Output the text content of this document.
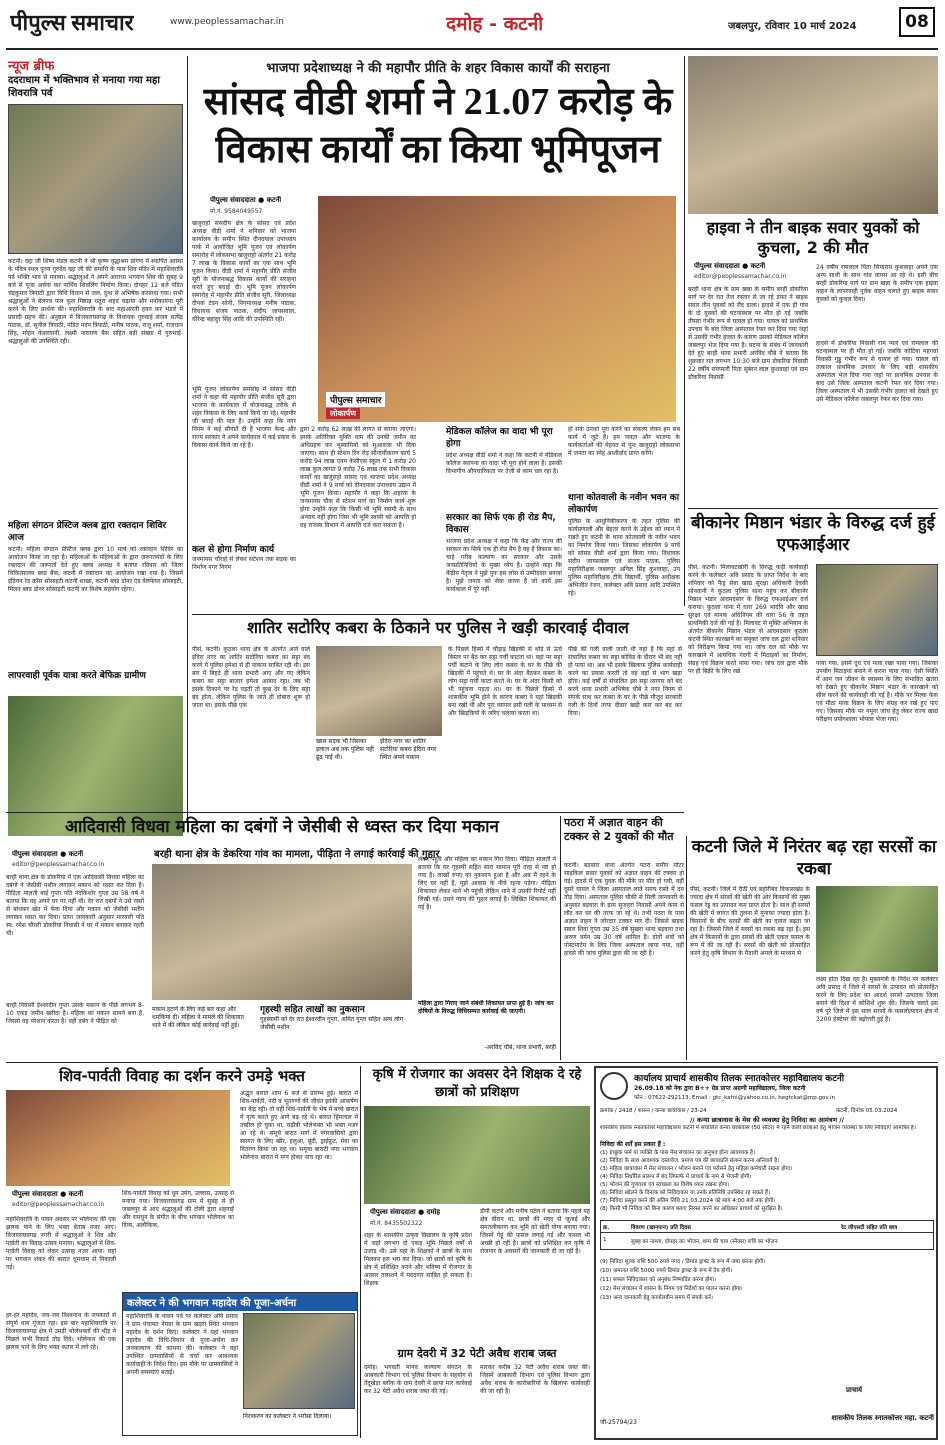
पीपुल्स समाचार	www.peoplessamachar.in	दमोह - कटनी	जबलपुर, रविवार 10 मार्च 2024	08
न्यूज ब्रीफ
ददराधाम में भक्तिभाव से मनाया गया महा शिवरात्रि पर्व
कटनी। दद्दा जी शिष्य मंडल कटनी ने श्री कृष्ण वृद्धाश्रम प्रांगण में स्थापित आस्था के पवित्र स्थल पूज्य गुरुदेव दद्दा जी की समाधि के पास शिव मंदिर में महाशिवरात्रि पर्व भक्ति भाव से मनाया। श्रद्धालुओं ने अपने आराध्य भगवान शिव की सुबह 9 बजे से पूजा अर्चना कर पार्थिव शिवलिंग निर्माण किया। दोपहर 12 बजे पंडित चंद्रकुमार त्रिपाठी द्वारा विधि विधान से जल, दुग्ध से अभिषेक करवाया गया। सभी श्रद्धालुओं ने बेलपत्र फल फूल मिष्ठान्न धतूरा शहद चढ़ाया और मनोकामना पूरी करने के लिए प्रार्थना की। महाशिवरात्रि के बाद महाआरती हवन कर भंडारे में प्रसादी ग्रहण की। अनुष्ठान में विजयराघवगढ़ के विधायक गुरुवाई संजय सत्येंद्र पाठक, डॉ. सुनील त्रिपाठी, पंडित मदन त्रिपाठी, मनीष पाठक, राजू शर्मा, राजधान सिंह, मोहन केसरवानी, लक्ष्मी नारायण बैस सहित बड़ी संख्या में गुरुभाई-श्रद्धालुओं की उपस्थिति रही।
महिला संगठन प्रेस्टिज क्लब द्वारा रक्तदान शिविर आज
कटनी। महिला संगठन प्रेस्टिज क्लब द्वारा 10 मार्च को रक्तदान शिविर का आयोजन किया जा रहा है। महिलाओं के महिलाओं के द्वारा जरूरतमंदों के लिए रक्तदान की जरूरतों देते हुए क्लब अध्यक्ष ने बताया रविवार को जिला चिकित्सालय ब्लड बैंक, कटनी में रक्तदान का आयोजन रखा गया है। जिसमें इंडियन रेड क्रॉस सोसाइटी कटनी शाखा, कटनी ब्लड डोनर एंड वेलफेयर सोसाइटी, मिलन ब्लड डोनर सोसाइटी कटनी का विशेष सहयोग रहेगा।
लापरवाही पूर्वक यात्रा करते बेफिक्र ग्रामीण
भाजपा प्रदेशाध्यक्ष ने की महापौर प्रीति के शहर विकास कार्यों की सराहना
सांसद वीडी शर्मा ने 21.07 करोड़ के विकास कार्यों का किया भूमिपूजन
पीपुल्स संवाददाता ● कटनी
मो.नं. 9584049557
खजुराहो संसदीय क्षेत्र के सांसद एवं प्रदेश अध्यक्ष वीडी शर्मा ने शनिवार को भाजपा कार्यालय के समीप स्थित दीनदयाल उपाध्याय पार्क में आयोजित भूमि पूजन एवं लोकार्पण समारोह में लोकसभा खजुराहो अंतर्गत 21 करोड़ 7 लाख के विकास कार्यों का एक साथ भूमि पूजन किया। वीडी शर्मा ने महापौर प्रीति संजीव सूरी के योजनाबद्ध विकास कार्यों की सराहना करते हुए बधाई दी। भूमि पूजन लोकार्पण समारोह में महापौर प्रीति संजीव सूरी, जिलाध्यक्ष दीपक टंडन सोनी, निगमाध्यक्ष मनीष पाठक, विधायक संजय पाठक, संदीप जायसवाल, धीरेन्द्र बहादुर सिंह आदि की उपस्थिति रही।
भूमि पूजन लोकार्पण समारोह में सांसद वीडी शर्मा ने कहा की महापौर प्रीति संजीव सूरी द्वारा भाजपा के कार्यकाल में योजनाबद्ध तरीके से शहर विकास के लिए कार्य किये जा रहे। महापौर जी बधाई की पात्र है। उन्होंने कहा कि नगर निगम ने कई सौगातें दी हैं भाजपा केन्द्र और राज्य सरकार ने अपने कार्यकाल में कई प्रकार के विकास कार्य किये जा रहे है।
कल से होगा निर्माण कार्य
जनमानस चौराहे से लेकर सटेशन तक सड़क का निर्माण नगर निगम
पीपुल्स समाचार
लोकार्पण
द्वारा 2 करोड़ 62 लाख की लागत से कराया जाएगा। इसके अतिरिक्त मुक्ति धाम की उनकी जमीन का अधिग्रहण कर भूस्वामियों को मुआवजा भी दिया जाएगा। साथ ही स्टेशन रिंग रोड़ सौन्दर्यीकरण कार्य 5 करोड़ 94 लाख एवम केसीएस स्कूल में 1 करोड़ 20 लाख कुल लागत 9 करोड़ 76 लाख तक सभी विकास कार्यों का खजुराहो सांसद एवं भाजपा प्रदेश अध्यक्ष वीडी शर्मा ने 9 मार्च को दीनदयाल उपाध्याय उद्यान में भूमि पूजन किया। महापौर ने कहा कि शहरवा के जनमानस चौक से स्टेशन मार्ग का निर्माण कार्य शुरू होगा उन्होंने कहा कि किसी भी भूमि स्वामी के साथ अन्याय नहीं होगा जिस भी भूमि स्वामी को आपत्ति हो वह राजस्व विभाग में आपत्ति दर्ज करा सकता है।
मेडिकल कॉलेज का वादा भी पूरा होगा
प्रदेश अध्यक्ष वीडी शर्मा ने कहा कि कटनी में मेडिकल कॉलेज स्थापना का वादा भी पूरा होने वाला है। इसकी विभागीय औपचारिकता पर तेजी से काम चल रहा है।
सरकार का सिर्फ एक ही रोड मैप, विकास
भाजपा प्रदेश अध्यक्ष ने कहा कि केंद्र और राज्य की सरकार का सिर्फ एक ही रोड मैप है वह है विकास का। चाहे गरीब कल्याण का सरकार और उसके जनप्रतिनिधियों के मुख्य ध्येय है। उन्होंने कहा कि केंद्रीय नेतृत्व ने मुझे पुनः इस लोस से उम्मीदवार बनाया है। मुझे जनता को सेवा करना है जो कार्य इस कार्यकाल में पूरे नहीं
हो सके उनको पूरा करने का संकल्प लेकर हम सब कार्य में जुटे हैं। हम जनता और भाजपा के कार्यकर्ताओं की मेहनत से पुनः खजुराहो लोकसभा में जनता का स्नेह आशीर्वाद प्राप्त करेंगे।
थाना कोतवाली के नवीन भवन का लोकार्पण
पुलिस के आधुनिकीकरण के तहत पुलिस की कार्यप्रणाली और बेहतर करने के उद्देश्य को ध्यान में रखते हुए कटनी के थाना कोतवाली के नवीन भवन का निर्माण किया गया। जिसका लोकार्पण 9 मार्च को सांसद वीडी शर्मा द्वारा किया गया। विधायक संदीप जायसवाल एवं संजय पाठक, पुलिस महानिरीक्षक जबलपुर अनिल सिंह कुशवाहा, उप पुलिस महानिरीक्षक टीके विद्यार्थी, पुलिस अधीक्षक अभिजीत रंजन, कलेक्टर अवि प्रसाद आदि उपस्थित रहे।
हाइवा ने तीन बाइक सवार युवकों को कुचला, 2 की मौत
पीपुल्स संवाददाता ● कटनी
editor@peoplessamachar.co.in
बरही थाना क्षेत्र के ग्राम खन्ना के समीप बरही डोकरिया मार्ग पर देर रात तेज रफ्तार से जा रहे डंफर ने बाइक सवार तीन युवकों को रौंद डाला। हादसे में एक ही गांव के दो युवकों की घटनास्थल पर मौत हो गई जबकि तीसरा गंभीर रूप से घायल हो गया। घायल को प्राथमिक उपचार के बाद जिला अस्पताल रेफर कर दिया गया जहां से उसकी गंभीर हालत के कारण उसको मेडिकल कॉलेज जबलपुर भेज दिया गया है। घटना के संबंध में जानकारी देते हुए बरही थाना प्रभारी अरविंद चौबे ने बताया कि शुक्रवार रात लगभग 10:30 बजे ग्राम डोकरिया निवासी 22 वर्षीय रामप्यारी पिता सुबरन लाल कुशवाहा एवं ग्राम डोकरिया निवासी
24 वर्षीय रामलाल पिता सियाराम कुशवाहा अपने एक अन्य साथी के साथ गांव वापस आ रहे थे। इसी बीच बरही डोकरिया मार्ग पर ग्राम खन्ना के समीप एक हाइवा वाहन के लापरवाही पूर्वक वाहन चलाते हुए बाइक सवार युवकों को कुचल दिया।
हादसे में डोकरिया निवासी राम प्यारे एवं रामलाल की घटनास्थल पर ही मौत हो गई। जबकि कोटिया महगवां निवासी गुड्डू गंभीर रूप से घायल हो गया। घायल को तत्काल प्राथमिक उपचार के लिए बड़ी शासकीय अस्पताल भेज दिया गया जहां पर प्राथमिक उपचार के बाद उसे जिला अस्पताल कटनी रेफर कर दिया गया। जिला अस्पताल में भी उसकी गंभीर हालत को देखते हुए उसे मेडिकल कॉलेज जबलपुर रेफर कर दिया गया।
बीकानेर मिष्ठान भंडार के विरुद्ध दर्ज हुई एफआईआर
पीसं, कटनी। मिलावटखोरी के विरुद्ध कड़ी कार्यवाही करने के कलेक्टर अवि प्रसाद के प्राप्त निर्देश के बाद शनिवार को फैंड्र सेवा खाद्य सुरक्षा अधिकारी देवकी सोनवानी ने कुठला पुलिस थाना पहुंच कर बीकानेर मिष्ठान भंडार आदमदसार के विरुद्ध एफआईआर दर्ज कराया। कुठला थाना में धारा 269 भादंवि और खाद्य सुरक्षा एवं मानक अधिनियम की धारा 56 के तहत प्राथमिकी दर्ज की गई है। मिलावट से मुक्ति अभियान के अंतर्गत बीकानेर मिष्ठान भंडार से आदमदसार कुठला कटनी स्थित कारखाने का संयुक्त जांच दल द्वारा शनिवार को निरीक्षण किया गया था। जांच दल को मौके पर कारखाने में अत्यधिक गंदगी में मिठाइयों का निर्माण, संग्रह एवं विक्रय करते पाया गया। जांच दल द्वारा मौके पर ही बिक्री के लिए रखे
पाया गया, इसमें दूध एवं मावा रखा पाया गया। जिसका उपयोग मिठाइयां बनाने में करना पाया गया। ऐसी स्थिति में आम जन जीवन के स्वास्थ्य के लिए संभावित खतरा को देखते हुए बीकानेर मिष्ठान भंडार के कारखाने को सील करने की कार्यवाही की गई है। मौके पर मिल्क केक एवं मीठा मावा विक्रय के लिए संग्रह कर रखे हुए पाए गए। जिसका मौके पर नमूना जांच हेतु लेकर राज्य खाद्य परीक्षण प्रयोगशाला भोपाल भेजा गया।
शातिर सटोरिए कबरा के ठिकाने पर पुलिस ने खड़ी कारवाई दीवाल
पीसं, कटनी। कुठला थाना क्षेत्र के अंतर्गत आने वाले इंदिरा नगर का शातिर सटोरिया कबरा का सट्टा बंद करने में पुलिस हमेशा से ही नाकाम साबित रही थी। इस बार में बिहटे ही थाना प्रभारी आए और गए लेकिन कबरा का सट्टा बाजार हमेशा आबाद रहा। जब भी इसके ठिकाने पर रेड पड़ती तो कुछ देर के लिए सट्टा बंद होता, लेकिन पुलिस के जाते ही दोबारा शुरू हो जाता था। इसके पीछे एक
खास सड़क भी जिसका इलाज अब तक पुलिस नहीं ढूंढ पाई थी।
इंदिरा नगर का शातिर सटोरिया कबरा इंदिरा नगर स्थित अपने मकान
के पिछले हिस्से में चौड़ाड़ खिड़की से थोड़े से ऊंचे बिस्तर पर बैठ कर सट्टा पर्ची काटता था। वहां पर सट्टा पर्ची कटाने के लिए लोग कबरा के घर के पीछे की खिड़की में पहुंचते थे। घर के अंदर बैठकर कबरा के लोग सट्टा पर्ची काटा करते थे। घर के अंदर किसी को भी पहुंचना पड़ता था। घर के पिछले हिस्से में शासकीय भूमि होने के कारण कबरा ने यहां खिड़की बना रखी थी और पूरा व्यापार इसी गली के माध्यम से और खिड़कियों के जरिए चलाया करता था।
पीछे की गली वाली जाती थी यहां है कि यहां से संचालित कबरा का सट्टा कोविड के दौरान भी बंद नहीं हो पाया था। अब भी इसके खिलाफ पुलिस कार्यवाही करने का प्रयास करती तो वह वहां से भाग खड़ा होता। कई वर्षों से संचालित इस सट्टा व्यापार को बंद करने थाना प्रभारी अभिषेक चौबे ने नगर निगम से संपर्क साध कर कबरा के घर के पीछे मौजूद सरकारी गली के दिनों तरफ दीवार खड़ी करा कर बंद कर दिया।
आदिवासी विधवा महिला का दबंगों ने जेसीबी से ध्वस्त कर दिया मकान
पीपुल्स संवाददाता ● कटनी
editor@peoplessamachar.co.in
बरही थाना क्षेत्र के डेकरिया गांव का मामला, पीड़िता ने लगाई कार्रवाई की गुहार
बरही थाना क्षेत्र के डोकरिया में एक आदिवासी विधवा महिला का दबंगों ने जेसीबी मशीन लगाकर मकान को ध्वस्त कर दिया है। पीड़िता मालती बाई गुप्ता पति नंदकिशोर गुप्ता उम्र 58 वर्ष ने बताया कि वह अपने घर पर नहीं थी। देर रात दबंगों ने उसे रस्सों से बांधकर खेत में फेंक दिया और मकान को जेसीबी मशीन लगाकर ध्वस्त कर दिया। प्राप्त जानकारी अनुसार मारवारी पति स्व. रमेश चौधरी डोकरिया निवासी ने घर में मकान बनाकर रहती थी।
बरही निवासी ईश्वरदीन गुप्ता उसके मकान के पीछे लगभग 8-10 एकड़ जमीन खरीदा है। महिला का मकान सामने बना है, जिससे वह परेशान करता है। वहीं दबंग ने पीड़ित को
मकान हटाने के लिए कई बार कहा और धमकियां दी। महिला ने मामले की शिकायत थाने में की लेकिन कोई कार्रवाई नहीं हुई।
गृहस्थी सहित लाखों का नुकसान
गुहस्वामी को देर रात ईश्वरदीन गुप्ता, अमित गुप्ता सहित अन्य लोग जेसीबी मशीन
लेकर पहुंचे और महिला का मकान गिरा दिया। पीड़िता मालती ने बताया कि घर गृहस्थी सहित सारा सामान पूरी तरह से नष्ट हो गया है। लाखों रुपए का नुकसान हुआ है और अब मैं रहने के लिए घर नहीं है, मुझे आवास के नीचे रहना पड़ेगा। पीड़िता शिकायत लेकर थाने भी पहुंची लेकिन थाने में उसकी रिपोर्ट नहीं लिखी गई। उसने न्याय की गुहार लगाई है। लिखित शिकायत की गई है।
महिला द्वारा गिराए जाने संबंधी शिकायत प्राप्त हुई है। जांच कर दोषियों के विरुद्ध विधिसम्मत कार्रवाई की जाएगी।
-अरविंद चौबे, थाना प्रभारी, बरही
पठरा में अज्ञात वाहन की टक्कर से 2 युवकों की मौत
कटनी। बड़वारा थाना अंतर्गत पठरा समीप मोटर साइकिल सवार युवकों को अज्ञात वाहन की टक्कर हो गई। हादसे में एक युवक की मौके पर मौत हो गयी, वहीं दूसरे घायल ने जिला अस्पताल लाते समय रास्ते में दम तोड़ दिया। अस्पताल पुलिस चौकी से मिली जानकारी के अनुसार बड़वारा के ग्राम सुजहरा निवासी अपने काम से लौट कर घर की तरफ जा रहे थे। तभी पठरा के पास अज्ञात वाहन ने जोरदार टक्कर मार दी। जिससे बाइक सवार शिवा गुप्ता उम्र 35 वर्ष सुखरा थाना बड़वारा तथा अरुण वर्मन उम्र 30 वर्ष शामिल हैं। दोनों शवों को पोस्टमार्टम के लिए जिला अस्पताल लाया गया, वहीं हादसे की जांच पुलिस द्वारा की जा रही है।
कटनी जिले में निरंतर बढ़ रहा सरसों का रकबा
पीसं, कटनी। जिले में रीठी एवं बहोरीबंद विकासखंड के ज्यादा क्षेत्र में सरसों की खेती की ओर किसानों की मुख्य फसल रेड्ड का उत्पादन कम प्राप्त होता है। साथ ही सरसों की खेती में लागत की तुलना में मुनाफा ज्यादा होता है। किसानों के बीच सरसों की खेती का दायरा बढ़ता जा रहा है। जिससे जिले में सरसों का रकबा बढ़ रहा है। इस क्षेत्र में किसानों के द्वारा सरसों की खेती एकल फसल के रूप में की जा रही है। सरसों की खेती को प्रोत्साहित करने हेतु कृषि विभाग के मैदानी अमले के माध्यम से
लक्ष्य होता दिख रहा है। मुख्यमंत्री के निर्देश पर कलेक्टर अवि प्रसाद ने जिले में सरसों के उत्पादन को प्रोत्साहित करने के लिए प्रदेश का आदर्श सरसों उत्पादक जिला बनाने की दिशा में कोशिशें शुरू की। जिसके चलते इस वर्ष पूरे जिले में इस साल सरसों के फसलोत्पादन क्षेत्र में 3200 हेक्टेयर की बढ़ोत्तरी हुई है।
शिव-पार्वती विवाह का दर्शन करने उमड़े भक्त
पीपुल्स संवाददाता ● कटनी
editor@peoplessamachar.co.in
महाशिवरात्रि के पावन अवसर पर भोलेनाथ की एक झलक पाने के लिए भक्त बेताब नजर आए। विजयराघवगढ़ नगरी में श्रद्धालुओं ने शिव और पार्वती का विवाह उत्सव मनाया। श्रद्धालुओं में शिव-पार्वती विवाह को लेकर उत्साह नजर आया। यहां पर भगवान शंकर की बारात धूमधाम से निकाली गई।
हर-हर महादेव, जय-जय विश्वनाथ के जयकारों से संपूर्ण धाम गूंजता रहा। इस बार महाशिवरात्रि पर विजयराघवगढ़ क्षेत्र में उमड़ी भोलेभक्तों की भीड़ ने पिछले सभी रिकार्ड तोड़ दिये। भोलेनाथ की एक झलक पाने के लिए भक्त कतार में लगे रहे।
शिव-पार्वती विवाह को धूम उमंग, उल्लास, उत्साह से मनाया गया। विजयराघवगढ़ ग्राम में सुबह से ही जबलपुर से आए श्रद्धालुओं की टोली द्वारा शहनाई और रामधुन के संगीत के बीच भगवान भोलेनाथ का दिव्य, अलौकिक,
अद्भुत बारात शाम 6 बजे से प्रारम्भ हुई। बारात में शिव-पार्वती, नंदी व भूतगणों की जीवंत झांकी आकर्षण का केंद्र रही। तो वहीं शिव-पार्वती के भेष में बच्चे बारात में नृत्य करते हुए आगे बढ़ रहे थे। बारात हिमाचल में तब्दील हो चुका था, चढ़ौत्री भोलेभक्त भी भक्त नजर आ रहे थे। समूचे बाराट मार्ग में नगरवासियों द्वारा स्वागत के लिए खीर, हलुआ, बूंदी, ड्राईफ्रूट, मेवा का वितरण किया जा रहा था। समूचा बाराटी नगर भगवान भोलेनाथ बारात में मग्न होकर नाच रहा था।
कलेक्टर ने की भगवान महादेव की पूजा-अर्चना
महाशिवरात्रि के पावन पर्व पर कलेक्टर अवि प्रसाद ने ग्राम पंचायत नेमवा के ग्राम खड़रा स्थित भगवान महादेव के दर्शन किए। कलेक्टर ने यहां भगवान महादेव की विधि-विधान से पूजा-अर्चना कर जनकल्याण की कामना की। कलेक्टर ने यहां उपस्थित ग्रामवासियों से चर्चा कर आवश्यक कार्यवाही के निर्देश दिए। इस मौके पर ग्रामवासियों ने अपनी समस्याएं बताई।
निराकरण का कलेक्टर ने भरोसा दिलाया।
कृषि में रोजगार का अवसर देने शिक्षक दे रहे छात्रों को प्रशिक्षण
पीपुल्स संवाददाता ● दमोह
मो.नं. 8435502322
शहर के शासकीय उत्कृष्ट विद्यालय के कृषि प्रदेश में जहां लगभग दो एकड़ भूमि पिछले वर्षों से उजाड़ थी। उसे यहां के शिक्षकों ने छात्रों के साथ मिलकर हरा भरा कर दिया। जो छात्रों को कृषि के क्षेत्र में प्रशिक्षित करने और भविष्य में रोजगार के अवसर तलाशने में मददगार साबित हो सकता है। शिक्षक
डीपी कटारे और मनीष पटेल ने बताया कि पहले यह क्षेत्र वीरान था, छात्रों की मदद से जुताई और समतलीकरण कर भूमि को खेती योग्य बनाया गया। जिसमें गेहूं की फसल लगाई गई और फसल भी अच्छी हो रही है। छात्रों को प्रशिक्षित कर कृषि में रोजगार के अवसरों की जानकारी दी जा रही है।
ग्राम देवरी में 32 पेटी अवैध शराब जब्त
दमोह। भगवती मानव कल्याण संगठन के आबकारी विभाग एवं पुलिस विभाग के सहयोग से तेंदूखेड़ा ब्लॉक के ग्राम देवरी में छापा मार कार्रवाई कर 32 पेटी अवैध शराब जब्त की गई।
मारकर करीब 32 पेटी अवैध शराब जब्त की। जिसमें आबकारी विभाग एवं पुलिस विभाग द्वारा अवैध शराब के कारोबारियों के खिलाफ कार्यवाही की जा रही है।
कार्यालय प्राचार्य शासकीय तिलक स्नातकोत्तर महाविद्यालय कटनी
26.09.18 को नेक द्वारा B++ ग्रेड प्राप्त अग्रणी महाविद्यालय, जिला कटनी
फोन : 07622-292113, Email : gtc_katni@yahoo.co.in, hegtckat@mp.gov.in
क्रमांक / 2418 / शासन / कन्या छात्रावास / 23-24	कटनी, दिनांक 05.03.2024
// कन्या छात्रावास के मेस की व्यवस्था हेतु निविदा का आमंत्रण //
शासकीय तिलक स्नातकोत्तर महाविद्यालय कटनी में संचालित कन्या छात्रावास (50 सीटर) में रहने वाली छात्राओं हेतु भोजन व्यवस्था के लिए निविदाएं आमंत्रित हैं।
निविदा की शर्तें इस प्रकार हैं :
(1) इच्छुक फर्म या व्यक्ति के पास मेस संचालन का अनुभव होना आवश्यक है।
(2) निविदा के साथ आवश्यक दस्तावेज, प्रमाण पत्र की छायाप्रति संलग्न करना अनिवार्य है।
(3) महिला छात्रावास में मेस संचालन / भोजन बनाने एवं परोसने हेतु महिला कर्मचारी रखना होगा।
(4) निविदा निर्धारित प्रारूप में बंद लिफाफे में प्राचार्य के नाम से भेजनी होगी।
(5) भोजन की गुणवत्ता एवं स्वच्छता का विशेष ध्यान रखना होगा।
(6) निविदा खोलने के दिनांक को निविदाकार या उनके प्रतिनिधि उपस्थित रह सकते हैं।
(7) निविदा प्रस्तुत करने की अंतिम तिथि 21.03.2024 को सायं 4:00 बजे तक होगी।
(8) किसी भी निविदा को बिना कारण बताए निरस्त करने का अधिकार प्राचार्य को सुरक्षित है।
क्र.	विवरण (खानपान) प्रति दिवस	रेट जीएसटी सहित प्रति छात्र
1	सुबह का नाश्ता, दोपहर का भोजन, शाम की चाय (स्नैक्स) रात्रि का भोजन
(9) निविदा शुल्क राशि 500 रुपये नगद / डिमांड ड्राफ्ट के रूप में जमा करना होगी।
(10) अमानत राशि 5000 रुपये डिमांड ड्राफ्ट के रूप में देय होगी।
(11) सफल निविदाकार को अनुबंध निष्पादित करना होगा।
(12) मेस संचालन में शासन के नियम एवं निर्देशों का पालन करना होगा।
(13) अन्य जानकारी हेतु कार्यालयीन समय में संपर्क करें।
प्राचार्य
शासकीय तिलक स्नातकोत्तर महा. कटनी
जी-25794/23
